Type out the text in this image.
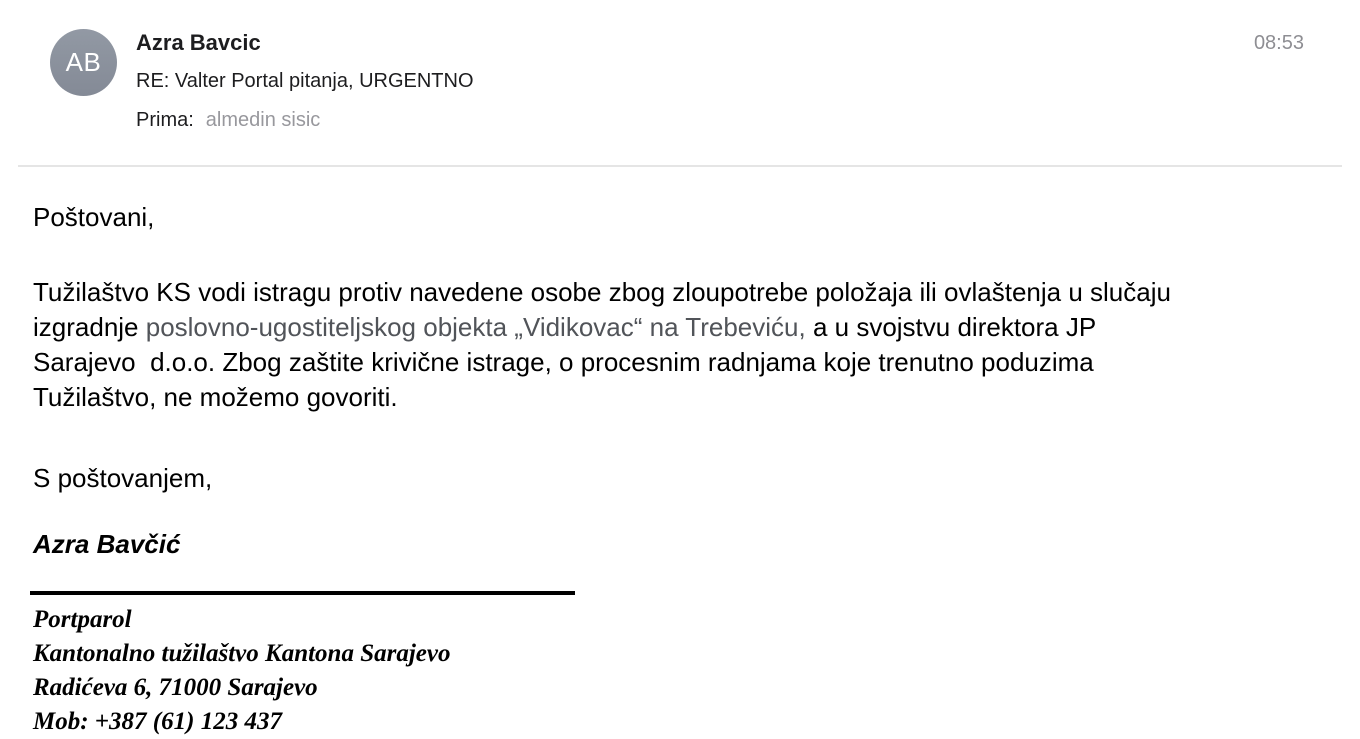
AB
Azra Bavcic
RE: Valter Portal pitanja, URGENTNO
Prima: almedin sisic
08:53
Poštovani,
Tužilaštvo KS vodi istragu protiv navedene osobe zbog zloupotrebe položaja ili ovlaštenja u slučaju
izgradnje poslovno-ugostiteljskog objekta „Vidikovac“ na Trebeviću, a u svojstvu direktora JP
Sarajevo  d.o.o. Zbog zaštite krivične istrage, o procesnim radnjama koje trenutno poduzima
Tužilaštvo, ne možemo govoriti.
S poštovanjem,
Azra Bavčić
Portparol
Kantonalno tužilaštvo Kantona Sarajevo
Radićeva 6, 71000 Sarajevo
Mob: +387 (61) 123 437
